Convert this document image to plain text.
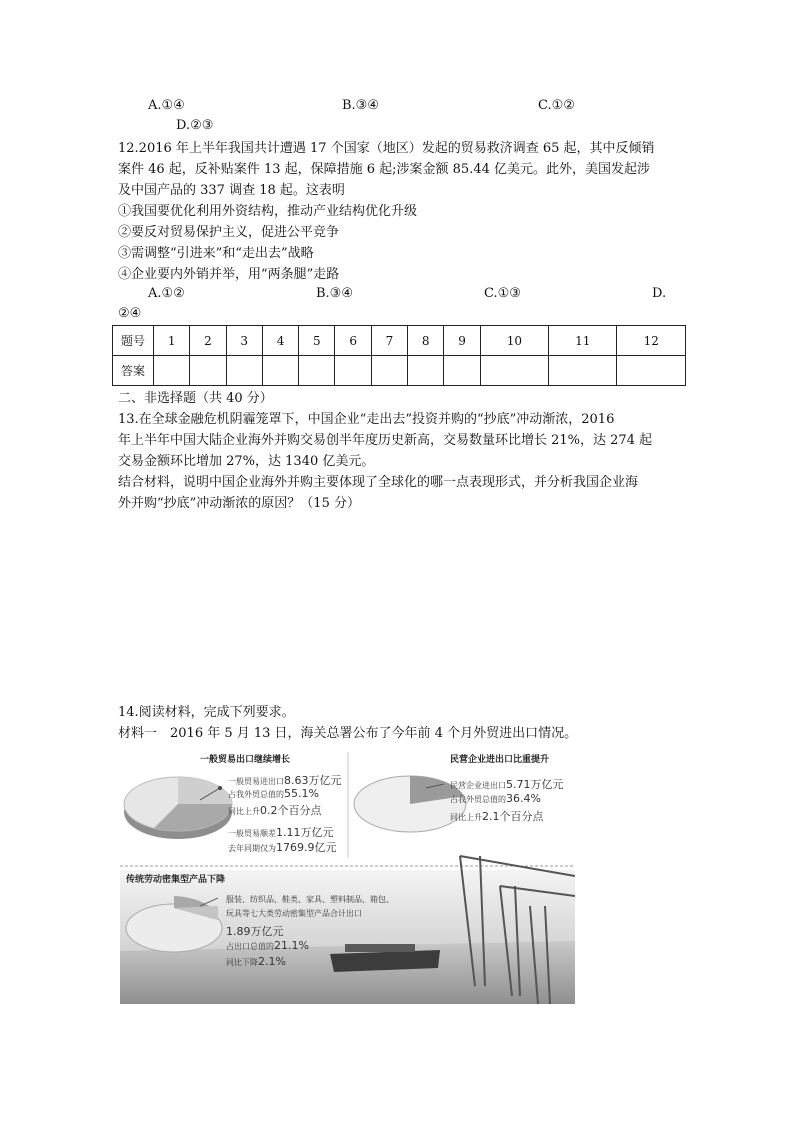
A.①④	B.③④	C.①②
D.②③
12.2016 年上半年我国共计遭遇 17 个国家（地区）发起的贸易救济调查 65 起，其中反倾销
案件 46 起，反补贴案件 13 起，保障措施 6 起;涉案金额 85.44 亿美元。此外，美国发起涉
及中国产品的 337 调查 18 起。这表明
①我国要优化利用外资结构，推动产业结构优化升级
②要反对贸易保护主义，促进公平竞争
③需调整“引进来”和“走出去”战略
④企业要内外销并举，用“两条腿”走路
A.①②	B.③④	C.①③	D.
②④
题号	1	2	3	4	5	6	7	8	9	10	11	12
答案												
二、非选择题（共 40 分）
13.在全球金融危机阴霾笼罩下，中国企业“走出去”投资并购的“抄底”冲动渐浓，2016
年上半年中国大陆企业海外并购交易创半年度历史新高，交易数量环比增长 21%，达 274 起
交易金额环比增加 27%，达 1340 亿美元。
结合材料，说明中国企业海外并购主要体现了全球化的哪一点表现形式，并分析我国企业海
外并购“抄底”冲动渐浓的原因？（15 分）
14.阅读材料，完成下列要求。
材料一　2016 年 5 月 13 日，海关总署公布了今年前 4 个月外贸进出口情况。
一般贸易出口继续增长
一般贸易进出口8.63万亿元
占我外贸总值的55.1%
同比上升0.2个百分点
一般贸易顺差1.11万亿元
去年同期仅为1769.9亿元
民营企业进出口比重提升
民营企业进出口5.71万亿元
占我外贸总值的36.4%
同比上升2.1个百分点
传统劳动密集型产品下降
服装、纺织品、鞋类、家具、塑料制品、箱包、
玩具等七大类劳动密集型产品合计出口
1.89万亿元
占出口总值的21.1%
同比下降2.1%
